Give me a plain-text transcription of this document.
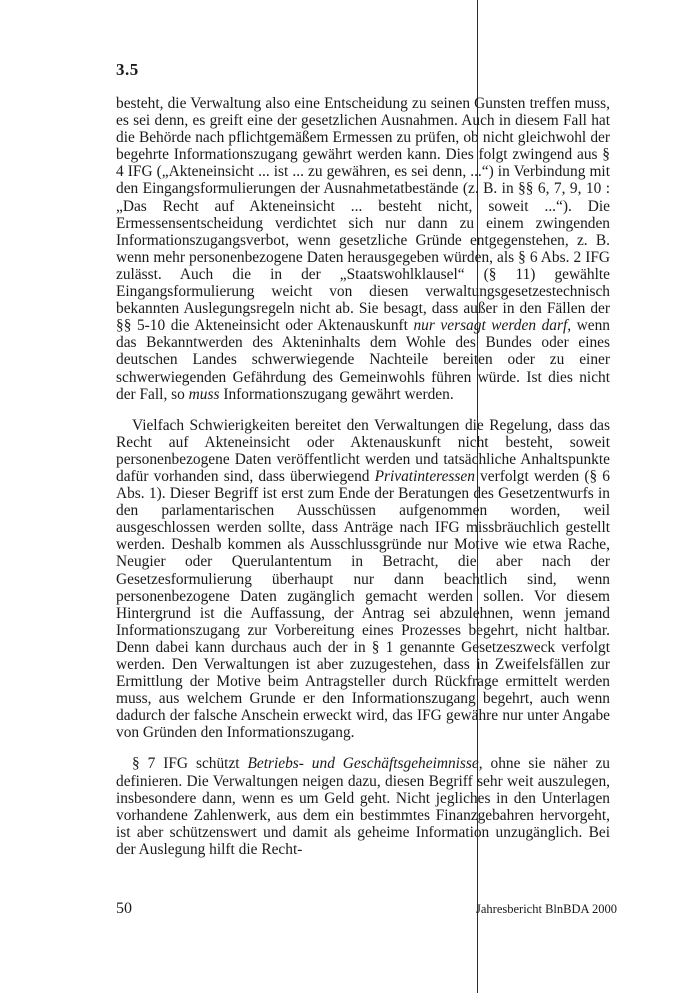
3.5

besteht, die Verwaltung also eine Entscheidung zu seinen Gunsten treffen muss, es sei denn, es greift eine der gesetzlichen Ausnahmen. Auch in diesem Fall hat die Behörde nach pflichtgemäßem Ermessen zu prüfen, ob nicht gleichwohl der begehrte Informationszugang gewährt werden kann. Dies folgt zwingend aus § 4 IFG („Akteneinsicht ... ist ... zu gewähren, es sei denn, ...“) in Verbindung mit den Eingangsformulierungen der Ausnahmetatbestände (z. B. in §§ 6, 7, 9, 10 : „Das Recht auf Akteneinsicht ... besteht nicht, soweit ...“). Die Ermessensentscheidung verdichtet sich nur dann zu einem zwingenden Informationszugangsverbot, wenn gesetzliche Gründe entgegenstehen, z. B. wenn mehr personenbezogene Daten herausgegeben würden, als § 6 Abs. 2 IFG zulässt. Auch die in der „Staatswohlklausel“ (§ 11) gewählte Eingangsformulierung weicht von diesen verwaltungsgesetzestechnisch bekannten Auslegungsregeln nicht ab. Sie besagt, dass außer in den Fällen der §§ 5-10 die Akteneinsicht oder Aktenauskunft nur versagt werden darf, wenn das Bekanntwerden des Akteninhalts dem Wohle des Bundes oder eines deutschen Landes schwerwiegende Nachteile bereiten oder zu einer schwerwiegenden Gefährdung des Gemeinwohls führen würde. Ist dies nicht der Fall, so muss Informationszugang gewährt werden.

Vielfach Schwierigkeiten bereitet den Verwaltungen die Regelung, dass das Recht auf Akteneinsicht oder Aktenauskunft nicht besteht, soweit personenbezogene Daten veröffentlicht werden und tatsächliche Anhaltspunkte dafür vorhanden sind, dass überwiegend Privatinteressen verfolgt werden (§ 6 Abs. 1). Dieser Begriff ist erst zum Ende der Beratungen des Gesetzentwurfs in den parlamentarischen Ausschüssen aufgenommen worden, weil ausgeschlossen werden sollte, dass Anträge nach IFG missbräuchlich gestellt werden. Deshalb kommen als Ausschlussgründe nur Motive wie etwa Rache, Neugier oder Querulantentum in Betracht, die aber nach der Gesetzesformulierung überhaupt nur dann beachtlich sind, wenn personenbezogene Daten zugänglich gemacht werden sollen. Vor diesem Hintergrund ist die Auffassung, der Antrag sei abzulehnen, wenn jemand Informationszugang zur Vorbereitung eines Prozesses begehrt, nicht haltbar. Denn dabei kann durchaus auch der in § 1 genannte Gesetzeszweck verfolgt werden. Den Verwaltungen ist aber zuzugestehen, dass in Zweifelsfällen zur Ermittlung der Motive beim Antragsteller durch Rückfrage ermittelt werden muss, aus welchem Grunde er den Informationszugang begehrt, auch wenn dadurch der falsche Anschein erweckt wird, das IFG gewähre nur unter Angabe von Gründen den Informationszugang.

§ 7 IFG schützt Betriebs- und Geschäftsgeheimnisse, ohne sie näher zu definieren. Die Verwaltungen neigen dazu, diesen Begriff sehr weit auszulegen, insbesondere dann, wenn es um Geld geht. Nicht jegliches in den Unterlagen vorhandene Zahlenwerk, aus dem ein bestimmtes Finanzgebahren hervorgeht, ist aber schützenswert und damit als geheime Information unzugänglich. Bei der Auslegung hilft die Recht-

50	Jahresbericht BlnBDA 2000
